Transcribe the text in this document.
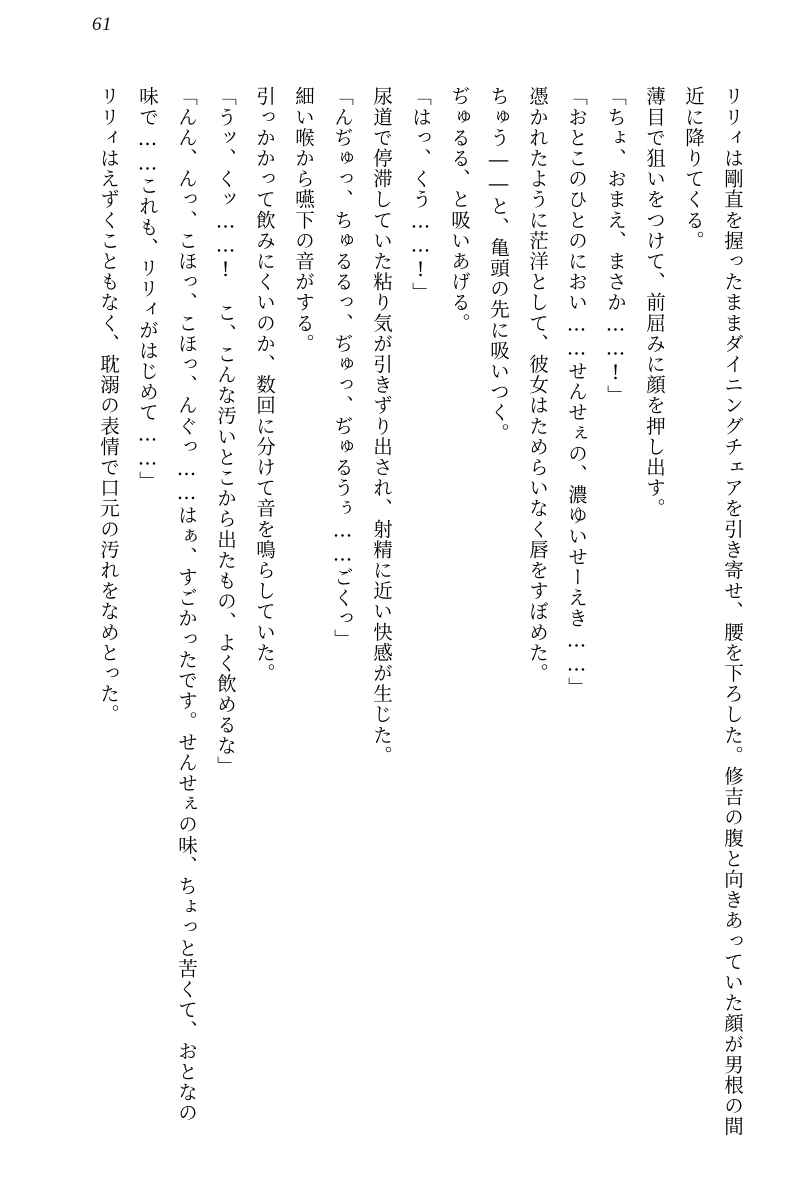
61

リリィは剛直を握ったままダイニングチェアを引き寄せ、腰を下ろした。修吉の腹と向きあっていた顔が男根の間近に降りてくる。

薄目で狙いをつけて、前屈みに顔を押し出す。

「ちょ、おまえ、まさか……!」

「おとこのひとのにおい……せんせぇの、濃ゆいせーえき……」

憑かれたように茫洋として、彼女はためらいなく唇をすぼめた。

ちゅう――と、亀頭の先に吸いつく。

ぢゅるる、と吸いあげる。

「はっ、くう……!」

尿道で停滞していた粘り気が引きずり出され、射精に近い快感が生じた。

「んぢゅっ、ちゅるるっ、ぢゅっ、ぢゅるうぅ……ごくっ」

細い喉から嚥下の音がする。

引っかかって飲みにくいのか、数回に分けて音を鳴らしていた。

「うッ、くッ……!　こ、こんな汚いとこから出たもの、よく飲めるな」

「んん、んっ、こほっ、こほっ、んぐっ……はぁ、すごかったです。せんせぇの味、ちょっと苦くて、おとなの味で……これも、リリィがはじめて……」

リリィはえずくこともなく、耽溺の表情で口元の汚れをなめとった。
